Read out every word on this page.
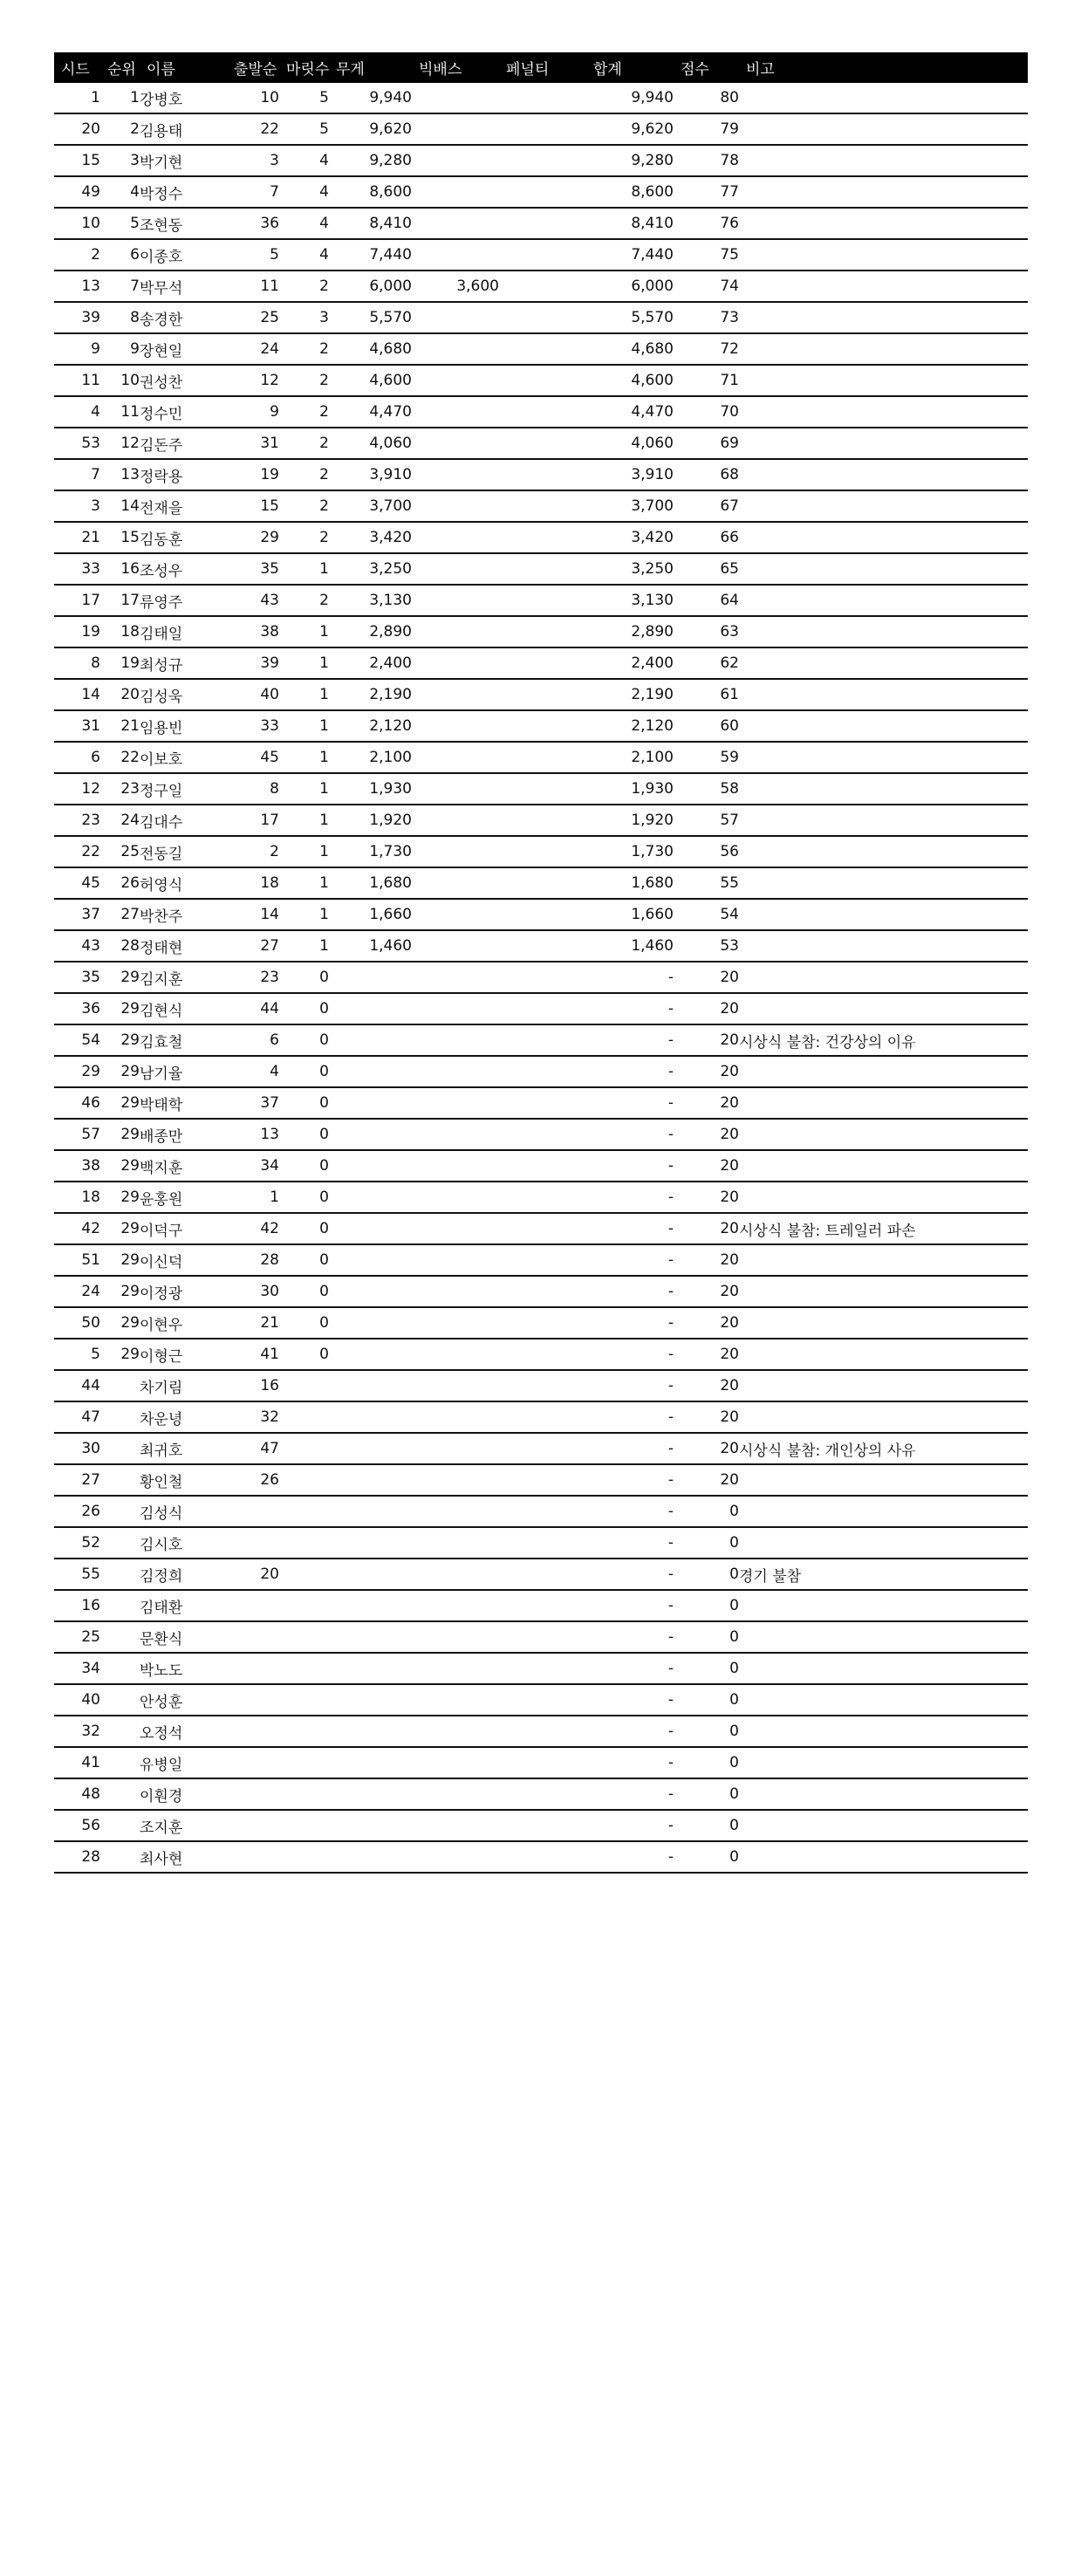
시드	순위	이름	출발순	마릿수	무게	빅배스	페널티	합계	점수	비고
1	1	강병호	10	5	9,940			9,940	80	
20	2	김용태	22	5	9,620			9,620	79	
15	3	박기현	3	4	9,280			9,280	78	
49	4	박정수	7	4	8,600			8,600	77	
10	5	조현동	36	4	8,410			8,410	76	
2	6	이종호	5	4	7,440			7,440	75	
13	7	박무석	11	2	6,000	3,600		6,000	74	
39	8	송경한	25	3	5,570			5,570	73	
9	9	장현일	24	2	4,680			4,680	72	
11	10	권성찬	12	2	4,600			4,600	71	
4	11	정수민	9	2	4,470			4,470	70	
53	12	김돈주	31	2	4,060			4,060	69	
7	13	정락용	19	2	3,910			3,910	68	
3	14	전재을	15	2	3,700			3,700	67	
21	15	김동훈	29	2	3,420			3,420	66	
33	16	조성우	35	1	3,250			3,250	65	
17	17	류영주	43	2	3,130			3,130	64	
19	18	김태일	38	1	2,890			2,890	63	
8	19	최성규	39	1	2,400			2,400	62	
14	20	김성욱	40	1	2,190			2,190	61	
31	21	임용빈	33	1	2,120			2,120	60	
6	22	이보호	45	1	2,100			2,100	59	
12	23	정구일	8	1	1,930			1,930	58	
23	24	김대수	17	1	1,920			1,920	57	
22	25	전동길	2	1	1,730			1,730	56	
45	26	허영식	18	1	1,680			1,680	55	
37	27	박찬주	14	1	1,660			1,660	54	
43	28	정태현	27	1	1,460			1,460	53	
35	29	김지훈	23	0				-	20	
36	29	김현식	44	0				-	20	
54	29	김효철	6	0				-	20	시상식 불참: 건강상의 이유
29	29	남기율	4	0				-	20	
46	29	박태학	37	0				-	20	
57	29	배종만	13	0				-	20	
38	29	백지훈	34	0				-	20	
18	29	윤홍원	1	0				-	20	
42	29	이덕구	42	0				-	20	시상식 불참: 트레일러 파손
51	29	이신덕	28	0				-	20	
24	29	이정광	30	0				-	20	
50	29	이현우	21	0				-	20	
5	29	이형근	41	0				-	20	
44		차기림	16					-	20	
47		차운녕	32					-	20	
30		최귀호	47					-	20	시상식 불참: 개인상의 사유
27		황인철	26					-	20	
26		김성식						-	0	
52		김시호						-	0	
55		김정희	20					-	0	경기 불참
16		김태환						-	0	
25		문환식						-	0	
34		박노도						-	0	
40		안성훈						-	0	
32		오정석						-	0	
41		유병일						-	0	
48		이훤경						-	0	
56		조지훈						-	0	
28		최사현						-	0	
